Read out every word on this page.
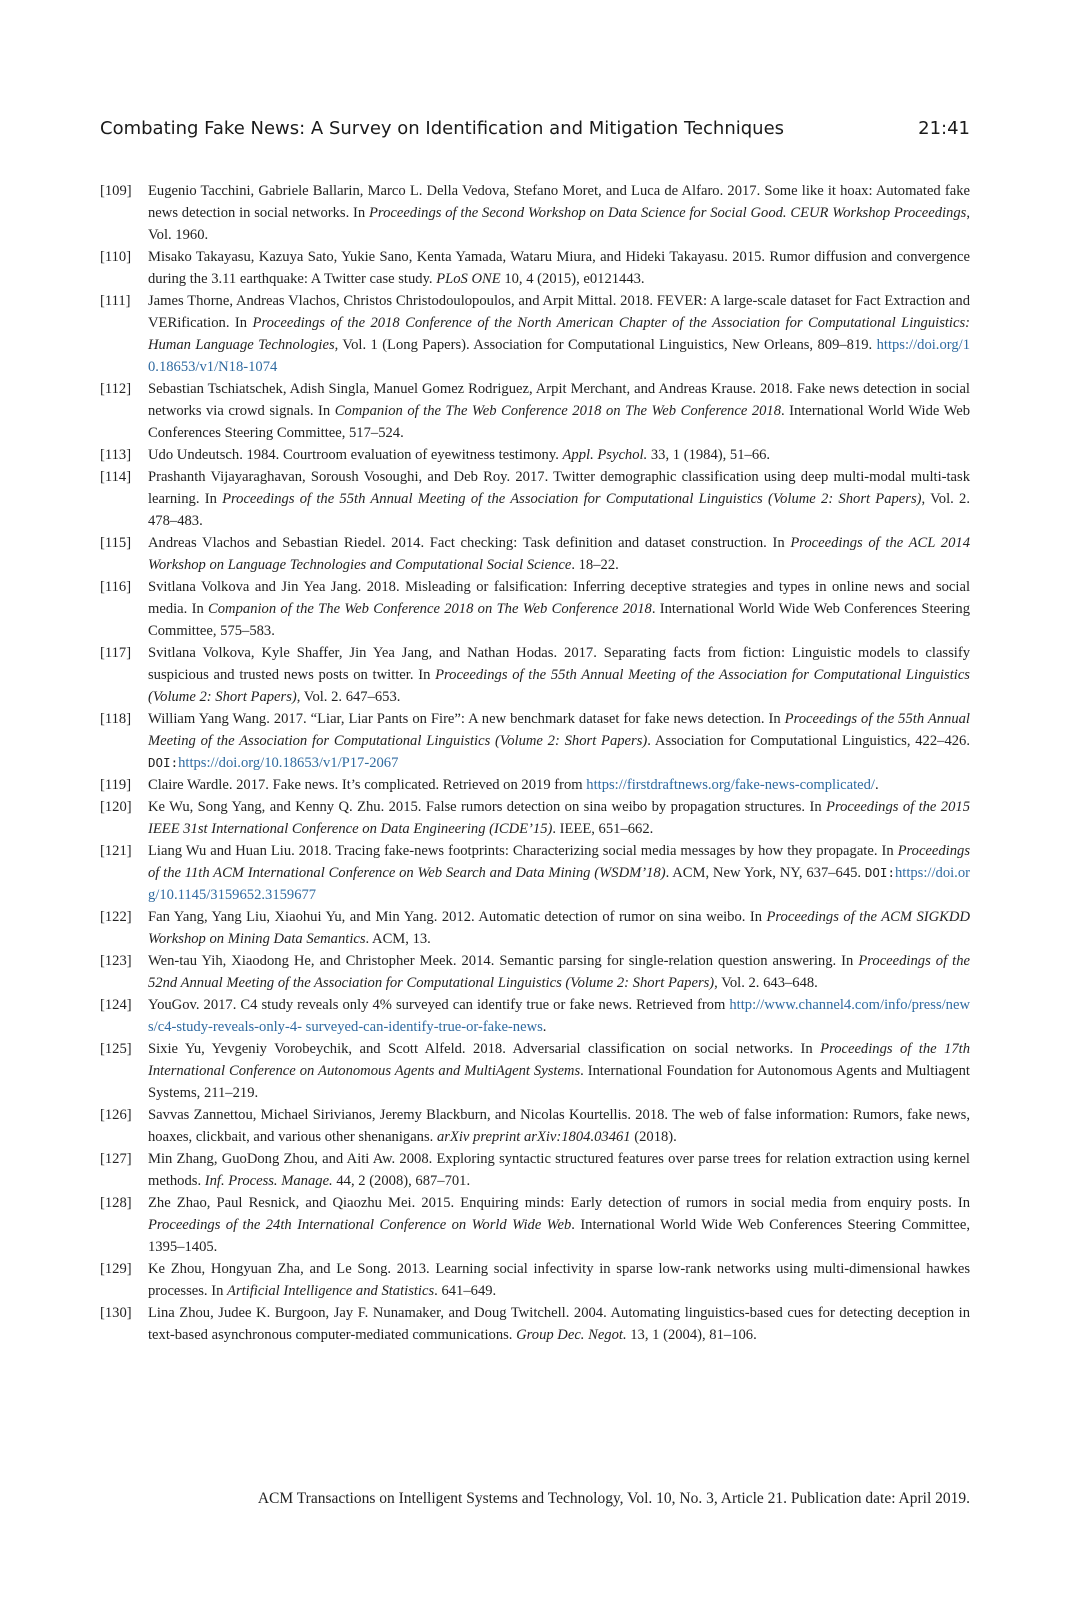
Combating Fake News: A Survey on Identification and Mitigation Techniques	21:41
[109]	Eugenio Tacchini, Gabriele Ballarin, Marco L. Della Vedova, Stefano Moret, and Luca de Alfaro. 2017. Some like it hoax: Automated fake news detection in social networks. In Proceedings of the Second Workshop on Data Science for Social Good. CEUR Workshop Proceedings, Vol. 1960.
[110]	Misako Takayasu, Kazuya Sato, Yukie Sano, Kenta Yamada, Wataru Miura, and Hideki Takayasu. 2015. Rumor diffusion and convergence during the 3.11 earthquake: A Twitter case study. PLoS ONE 10, 4 (2015), e0121443.
[111]	James Thorne, Andreas Vlachos, Christos Christodoulopoulos, and Arpit Mittal. 2018. FEVER: A large-scale dataset for Fact Extraction and VERification. In Proceedings of the 2018 Conference of the North American Chapter of the Association for Computational Linguistics: Human Language Technologies, Vol. 1 (Long Papers). Association for Computational Linguistics, New Orleans, 809–819. https://doi.org/10.18653/v1/N18-1074
[112]	Sebastian Tschiatschek, Adish Singla, Manuel Gomez Rodriguez, Arpit Merchant, and Andreas Krause. 2018. Fake news detection in social networks via crowd signals. In Companion of the The Web Conference 2018 on The Web Conference 2018. International World Wide Web Conferences Steering Committee, 517–524.
[113]	Udo Undeutsch. 1984. Courtroom evaluation of eyewitness testimony. Appl. Psychol. 33, 1 (1984), 51–66.
[114]	Prashanth Vijayaraghavan, Soroush Vosoughi, and Deb Roy. 2017. Twitter demographic classification using deep multi-modal multi-task learning. In Proceedings of the 55th Annual Meeting of the Association for Computational Linguistics (Volume 2: Short Papers), Vol. 2. 478–483.
[115]	Andreas Vlachos and Sebastian Riedel. 2014. Fact checking: Task definition and dataset construction. In Proceedings of the ACL 2014 Workshop on Language Technologies and Computational Social Science. 18–22.
[116]	Svitlana Volkova and Jin Yea Jang. 2018. Misleading or falsification: Inferring deceptive strategies and types in online news and social media. In Companion of the The Web Conference 2018 on The Web Conference 2018. International World Wide Web Conferences Steering Committee, 575–583.
[117]	Svitlana Volkova, Kyle Shaffer, Jin Yea Jang, and Nathan Hodas. 2017. Separating facts from fiction: Linguistic models to classify suspicious and trusted news posts on twitter. In Proceedings of the 55th Annual Meeting of the Association for Computational Linguistics (Volume 2: Short Papers), Vol. 2. 647–653.
[118]	William Yang Wang. 2017. “Liar, Liar Pants on Fire”: A new benchmark dataset for fake news detection. In Proceedings of the 55th Annual Meeting of the Association for Computational Linguistics (Volume 2: Short Papers). Association for Computational Linguistics, 422–426. DOI:https://doi.org/10.18653/v1/P17-2067
[119]	Claire Wardle. 2017. Fake news. It’s complicated. Retrieved on 2019 from https://firstdraftnews.org/fake-news-complicated/.
[120]	Ke Wu, Song Yang, and Kenny Q. Zhu. 2015. False rumors detection on sina weibo by propagation structures. In Proceedings of the 2015 IEEE 31st International Conference on Data Engineering (ICDE’15). IEEE, 651–662.
[121]	Liang Wu and Huan Liu. 2018. Tracing fake-news footprints: Characterizing social media messages by how they propagate. In Proceedings of the 11th ACM International Conference on Web Search and Data Mining (WSDM’18). ACM, New York, NY, 637–645. DOI:https://doi.org/10.1145/3159652.3159677
[122]	Fan Yang, Yang Liu, Xiaohui Yu, and Min Yang. 2012. Automatic detection of rumor on sina weibo. In Proceedings of the ACM SIGKDD Workshop on Mining Data Semantics. ACM, 13.
[123]	Wen-tau Yih, Xiaodong He, and Christopher Meek. 2014. Semantic parsing for single-relation question answering. In Proceedings of the 52nd Annual Meeting of the Association for Computational Linguistics (Volume 2: Short Papers), Vol. 2. 643–648.
[124]	YouGov. 2017. C4 study reveals only 4% surveyed can identify true or fake news. Retrieved from http://www.channel4.com/info/press/news/c4-study-reveals-only-4- surveyed-can-identify-true-or-fake-news.
[125]	Sixie Yu, Yevgeniy Vorobeychik, and Scott Alfeld. 2018. Adversarial classification on social networks. In Proceedings of the 17th International Conference on Autonomous Agents and MultiAgent Systems. International Foundation for Autonomous Agents and Multiagent Systems, 211–219.
[126]	Savvas Zannettou, Michael Sirivianos, Jeremy Blackburn, and Nicolas Kourtellis. 2018. The web of false information: Rumors, fake news, hoaxes, clickbait, and various other shenanigans. arXiv preprint arXiv:1804.03461 (2018).
[127]	Min Zhang, GuoDong Zhou, and Aiti Aw. 2008. Exploring syntactic structured features over parse trees for relation extraction using kernel methods. Inf. Process. Manage. 44, 2 (2008), 687–701.
[128]	Zhe Zhao, Paul Resnick, and Qiaozhu Mei. 2015. Enquiring minds: Early detection of rumors in social media from enquiry posts. In Proceedings of the 24th International Conference on World Wide Web. International World Wide Web Conferences Steering Committee, 1395–1405.
[129]	Ke Zhou, Hongyuan Zha, and Le Song. 2013. Learning social infectivity in sparse low-rank networks using multi-dimensional hawkes processes. In Artificial Intelligence and Statistics. 641–649.
[130]	Lina Zhou, Judee K. Burgoon, Jay F. Nunamaker, and Doug Twitchell. 2004. Automating linguistics-based cues for detecting deception in text-based asynchronous computer-mediated communications. Group Dec. Negot. 13, 1 (2004), 81–106.
ACM Transactions on Intelligent Systems and Technology, Vol. 10, No. 3, Article 21. Publication date: April 2019.
